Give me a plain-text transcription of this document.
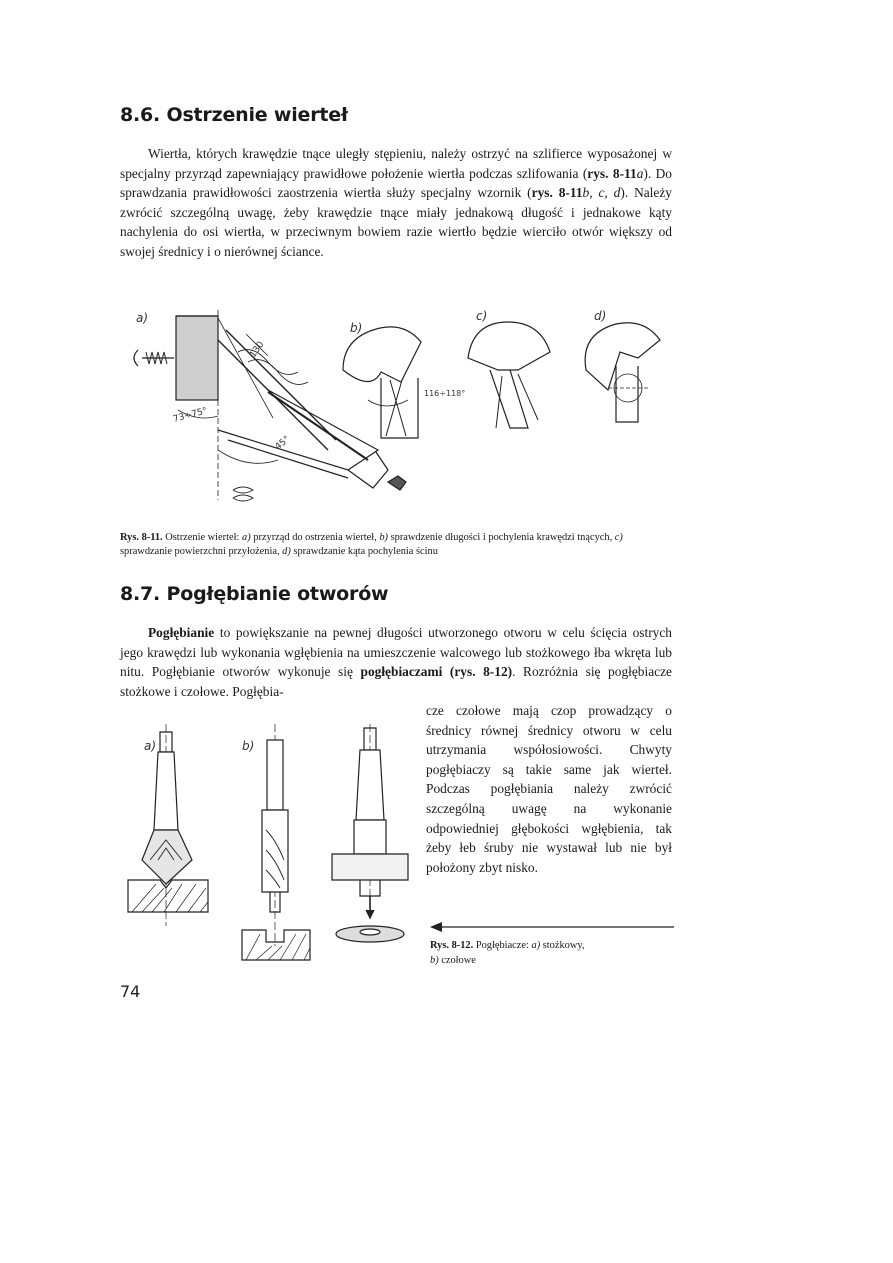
8.6. Ostrzenie wierteł
Wiertła, których krawędzie tnące uległy stępieniu, należy ostrzyć na szlifierce wyposażonej w specjalny przyrząd zapewniający prawidłowe położenie wiertła podczas szlifowania (rys. 8-11a). Do sprawdzania prawidłowości zaostrzenia wiertła służy specjalny wzornik (rys. 8-11b, c, d). Należy zwrócić szczególną uwagę, żeby krawędzie tnące miały jednakową długość i jednakowe kąty nachylenia do osi wiertła, w przeciwnym bowiem razie wiertło będzie wierciło otwór większy od swojej średnicy i o nierównej ściance.
a)
b)
c)	d)
130
73÷75°
45°
116÷118°
Rys. 8-11. Ostrzenie wierteł: a) przyrząd do ostrzenia wierteł, b) sprawdzenie długości i pochylenia krawędzi tnących, c) sprawdzanie powierzchni przyłożenia, d) sprawdzanie kąta pochylenia ścinu
8.7. Pogłębianie otworów
Pogłębianie to powiększanie na pewnej długości utworzonego otworu w celu ścięcia ostrych jego krawędzi lub wykonania wgłębienia na umieszczenie walcowego lub stożkowego łba wkręta lub nitu. Pogłębianie otworów wykonuje się pogłębiaczami (rys. 8-12). Rozróżnia się pogłębiacze stożkowe i czołowe. Pogłębia-
cze czołowe mają czop prowadzący o średnicy równej średnicy otworu w celu utrzymania współosiowości. Chwyty pogłębiaczy są takie same jak wierteł. Podczas pogłębiania należy zwrócić szczególną uwagę na wykonanie odpowiedniej głębokości wgłębienia, tak żeby łeb śruby nie wystawał lub nie był położony zbyt nisko.
a)	b)
Rys. 8-12. Pogłębiacze: a) stożkowy,
b) czołowe
74
